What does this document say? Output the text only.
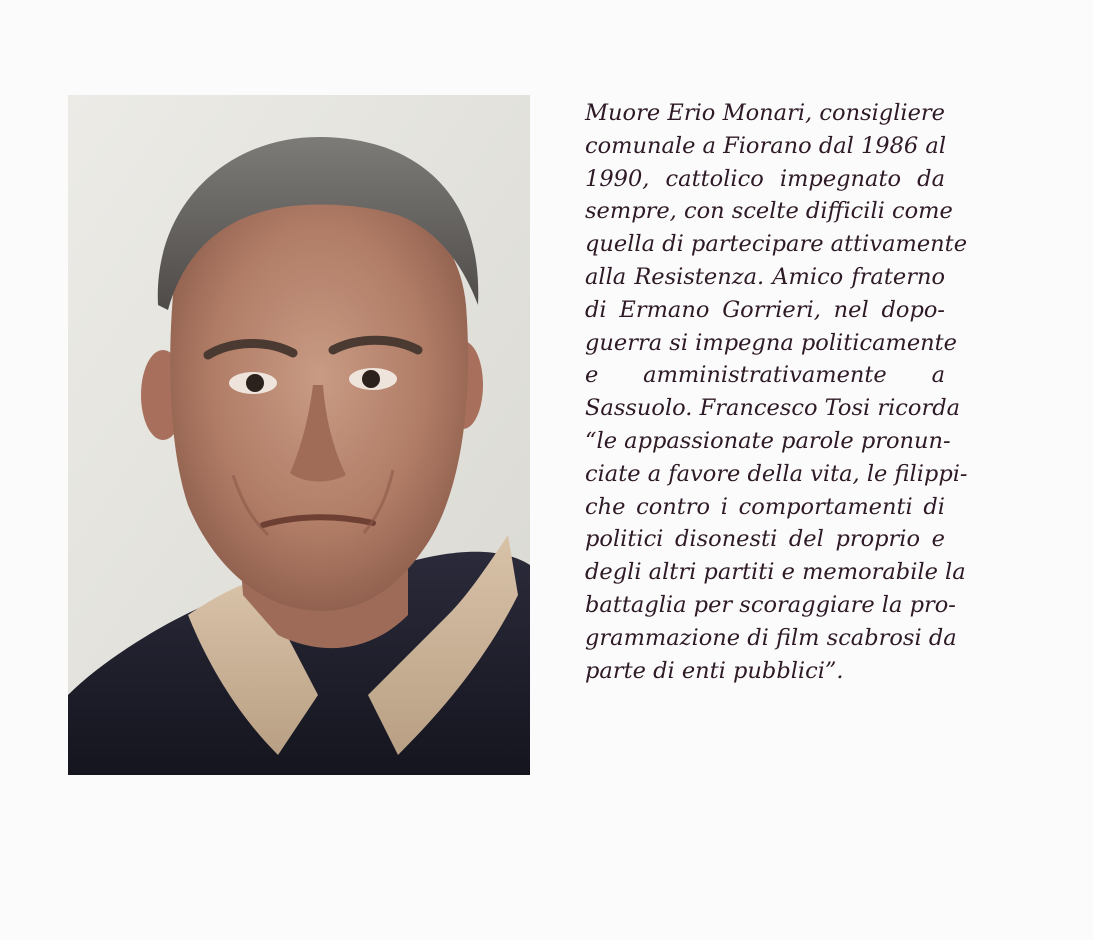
Muore Erio Monari, consigliere
comunale a Fiorano dal 1986 al
1990, cattolico impegnato da
sempre, con scelte difficili come
quella di partecipare attivamente
alla Resistenza. Amico fraterno
di Ermano Gorrieri, nel dopo-
guerra si impegna politicamente
e amministrativamente a
Sassuolo. Francesco Tosi ricorda
“le appassionate parole pronun-
ciate a favore della vita, le filippi-
che contro i comportamenti di
politici disonesti del proprio e
degli altri partiti e memorabile la
battaglia per scoraggiare la pro-
grammazione di film scabrosi da
parte di enti pubblici”.
